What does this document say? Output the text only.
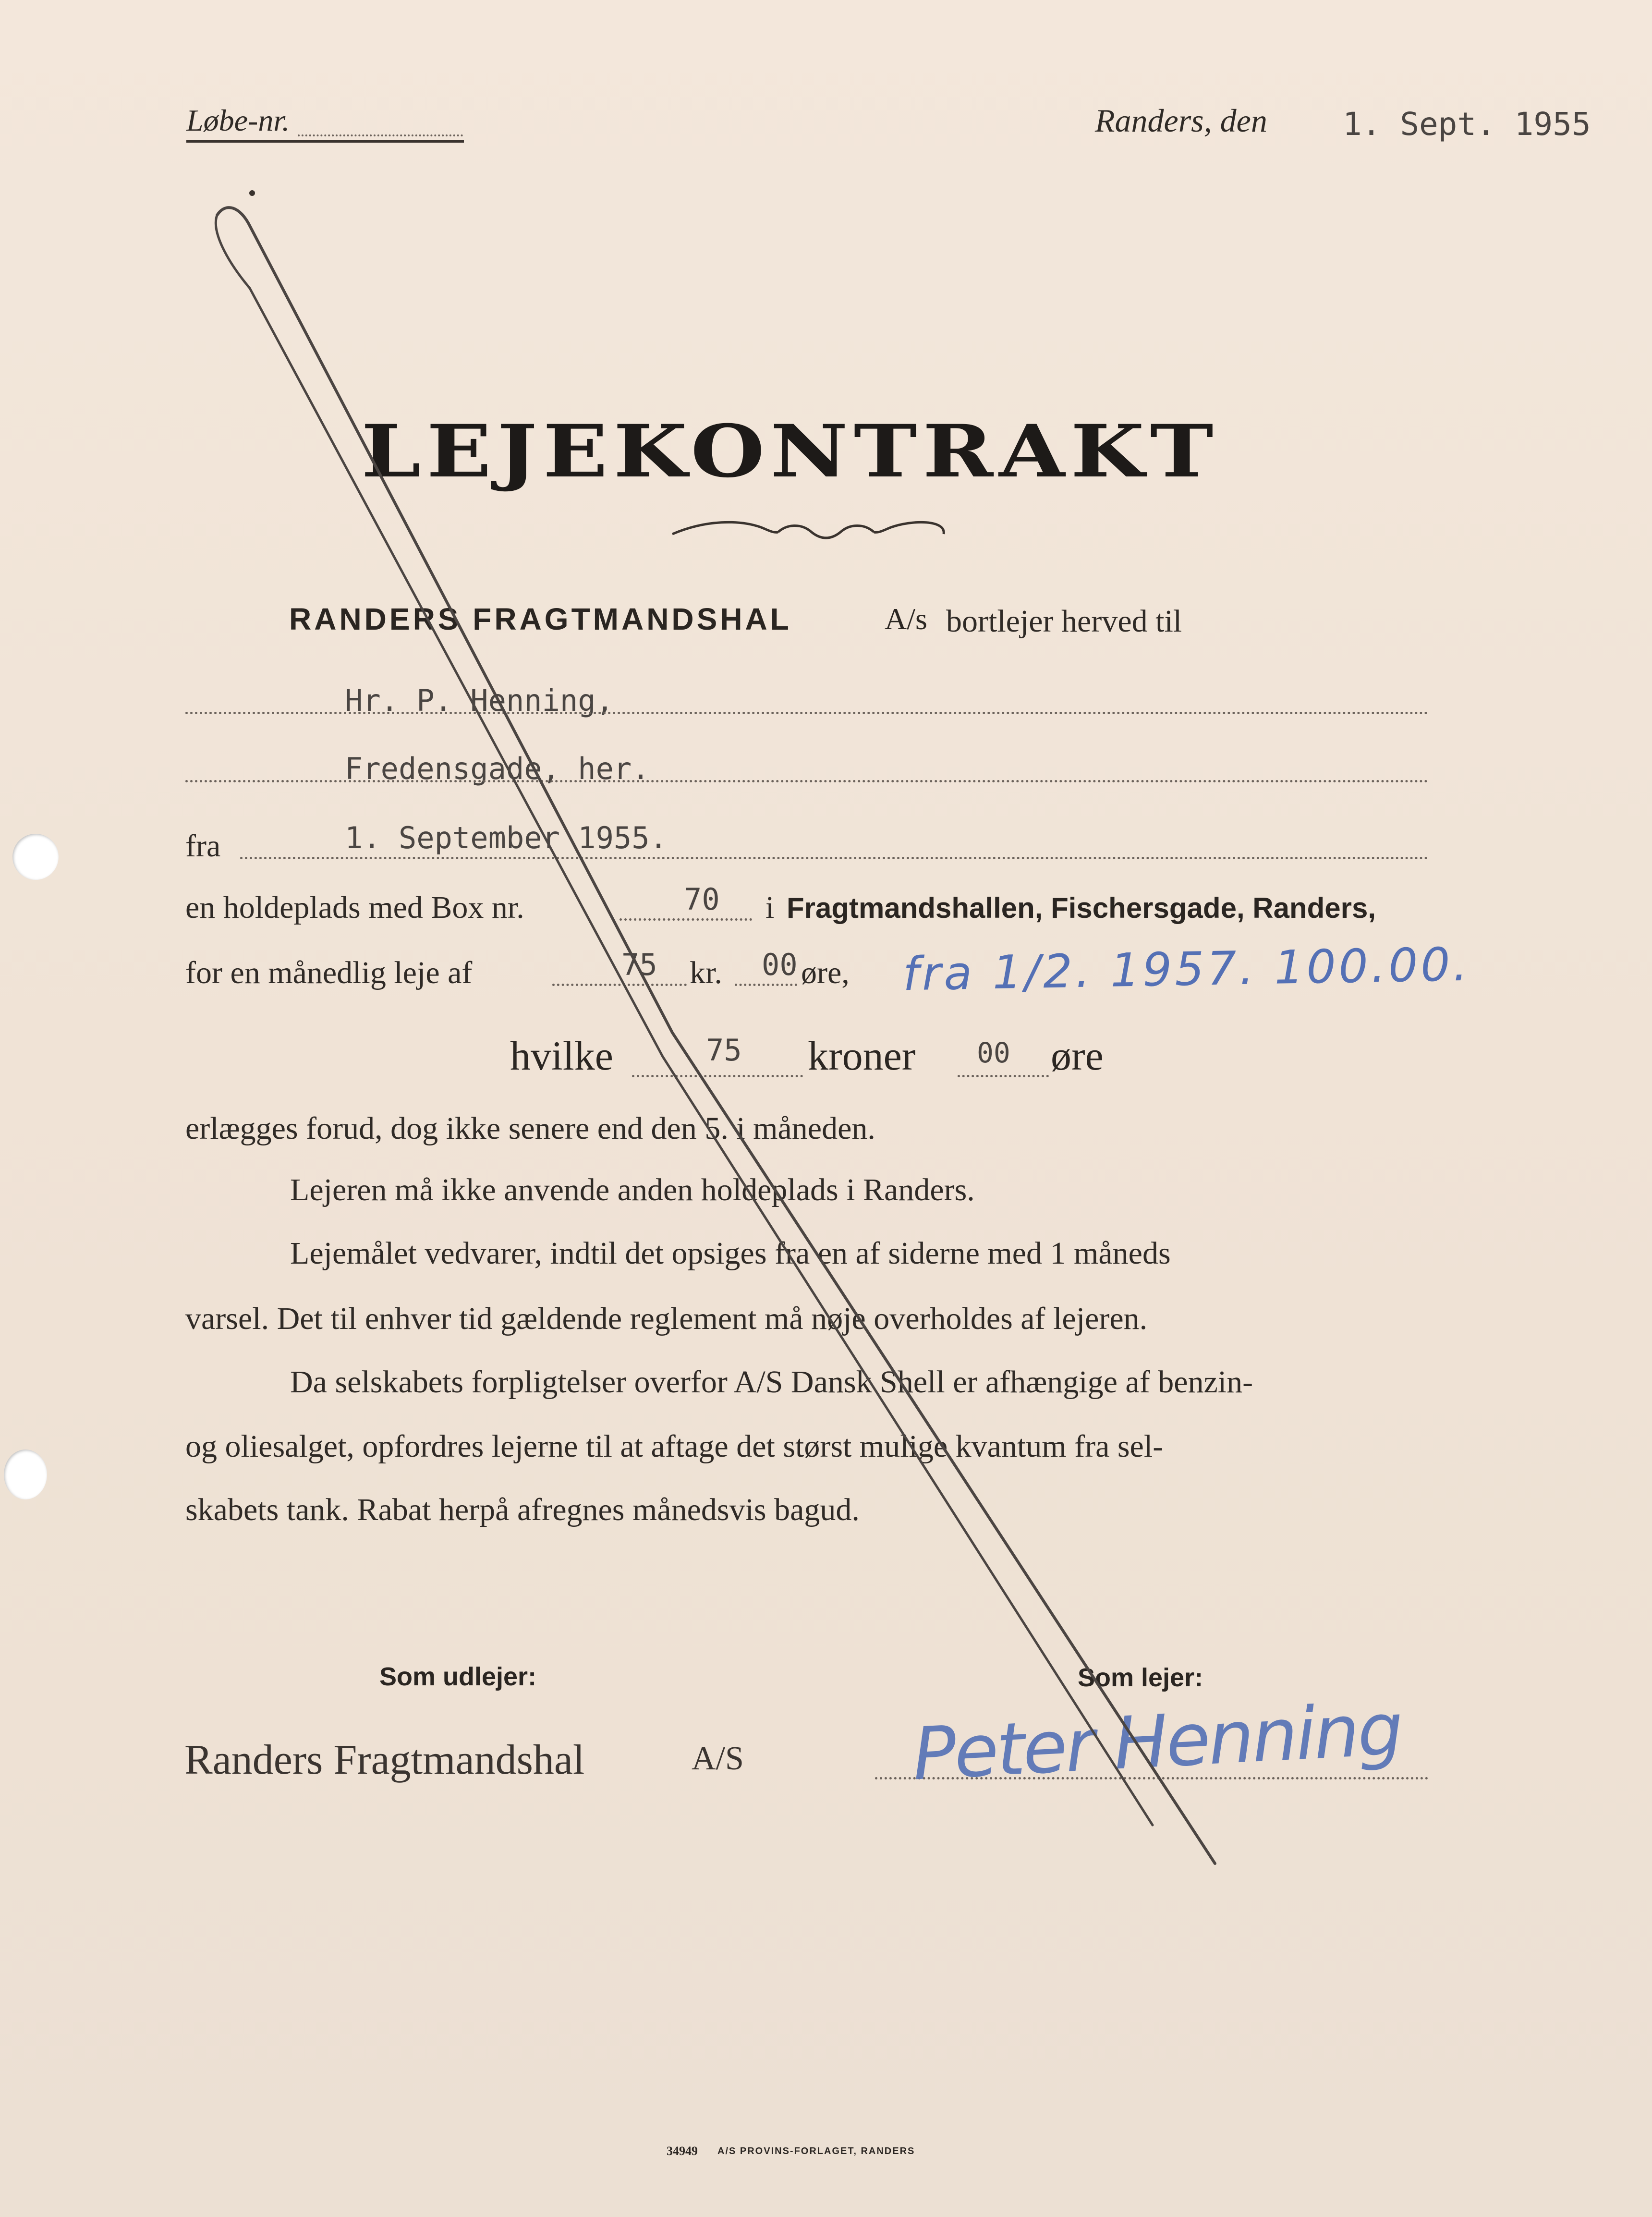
Løbe-nr.	Randers, den 1. Sept. 1955
LEJEKONTRAKT
RANDERS FRAGTMANDSHAL	A/s bortlejer herved til
Hr. P. Henning,
Fredensgade, her.
fra	1. September 1955.
en holdeplads med Box nr.	70 i Fragtmandshallen, Fischersgade, Randers,
for en månedlig leje af	75 kr. 00 øre, fra 1/2. 1957. 100.00.
hvilke	75 kroner 00 øre
erlægges forud, dog ikke senere end den 5. i måneden.
Lejeren må ikke anvende anden holdeplads i Randers.
Lejemålet vedvarer, indtil det opsiges fra en af siderne med 1 måneds
varsel. Det til enhver tid gældende reglement må nøje overholdes af lejeren.
Da selskabets forpligtelser overfor A/S Dansk Shell er afhængige af benzin-
og oliesalget, opfordres lejerne til at aftage det størst mulige kvantum fra sel-
skabets tank. Rabat herpå afregnes månedsvis bagud.
Som udlejer:	Som lejer:
Randers Fragtmandshal	A/S Peter Henning
34949 A/S PROVINS-FORLAGET, RANDERS
